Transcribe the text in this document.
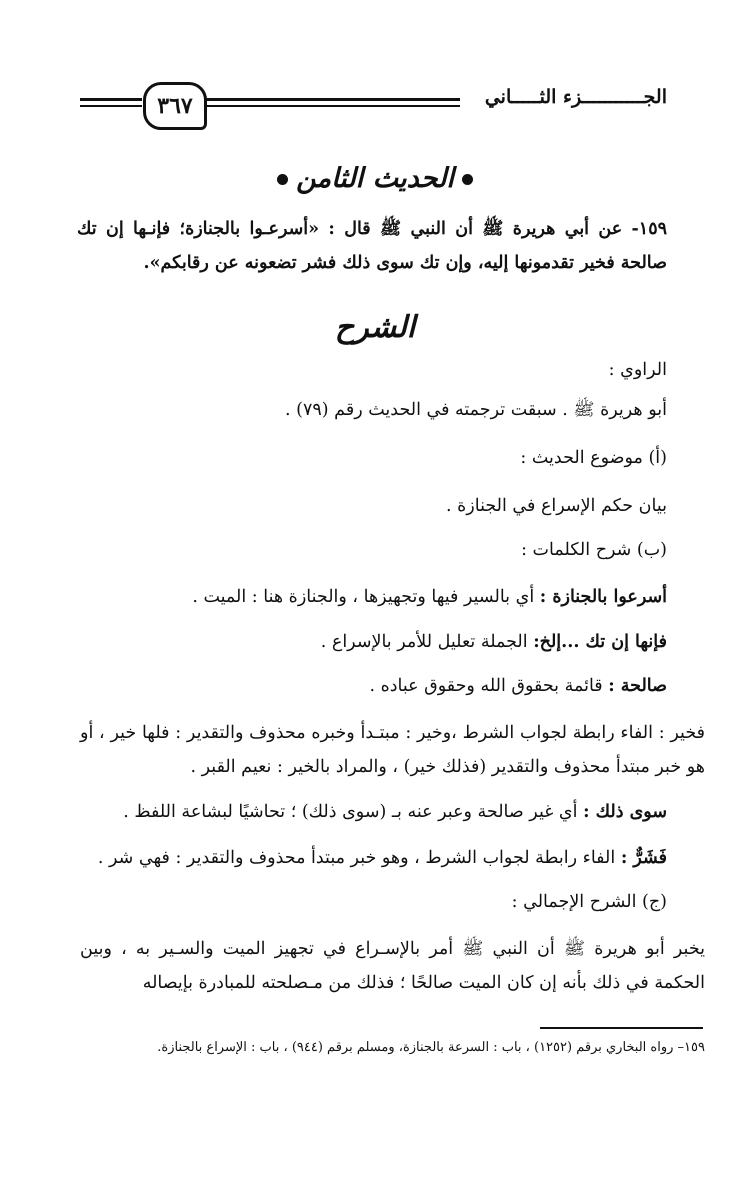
٣٦٧	الجـــــــــــزء الثـــــاني
الحديث الثامن
١٥٩- عن أبي هريرة ﷺ أن النبي ﷺ قال : «أسرعـوا بالجنازة؛ فإنـها إن تك صالحة فخير تقدمونها إليه، وإن تك سوى ذلك فشر تضعونه عن رقابكم».
الشرح
الراوي :
أبو هريرة ﷺ . سبقت ترجمته في الحديث رقم (٧٩) .
(أ) موضوع الحديث :
بيان حكم الإسراع في الجنازة .
(ب) شرح الكلمات :
أسرعوا بالجنازة : أي بالسير فيها وتجهيزها ، والجنازة هنا : الميت .
فإنها إن تك ...إلخ: الجملة تعليل للأمر بالإسراع .
صالحة : قائمة بحقوق الله وحقوق عباده .
فخير : الفاء رابطة لجواب الشرط ،وخير : مبتـدأ وخبره محذوف والتقدير : فلها خير ، أو هو خبر مبتدأ محذوف والتقدير (فذلك خير) ، والمراد بالخير : نعيم القبر .
سوى ذلك : أي غير صالحة وعبر عنه بـ (سوى ذلك) ؛ تحاشيًا لبشاعة اللفظ .
فَشَرٌّ : الفاء رابطة لجواب الشرط ، وهو خبر مبتدأ محذوف والتقدير : فهي شر .
(ج) الشرح الإجمالي :
يخبر أبو هريرة ﷺ أن النبي ﷺ أمر بالإسـراع في تجهيز الميت والسـير به ، وبين الحكمة في ذلك بأنه إن كان الميت صالحًا ؛ فذلك من مـصلحته للمبادرة بإيصاله
١٥٩– رواه البخاري برقم (١٢٥٢) ، باب : السرعة بالجنازة، ومسلم برقم (٩٤٤) ، باب : الإسراع بالجنازة.
